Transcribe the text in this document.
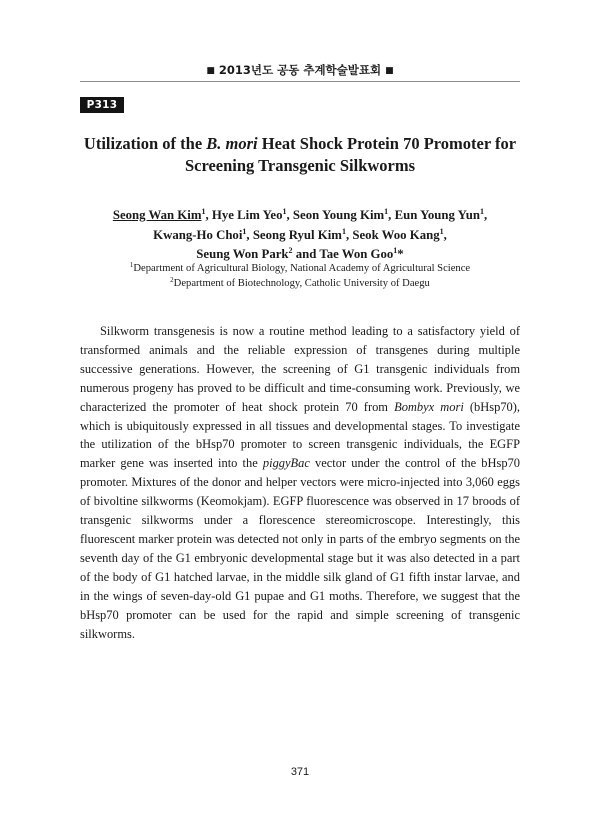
■ 2013년도 공동 추계학술발표회 ■
P313
Utilization of the B. mori Heat Shock Protein 70 Promoter for
Screening Transgenic Silkworms
Seong Wan Kim$^1$, Hye Lim Yeo$^1$, Seon Young Kim$^1$, Eun Young Yun$^1$,
Kwang-Ho Choi$^1$, Seong Ryul Kim$^1$, Seok Woo Kang$^1$,
Seung Won Park$^2$ and Tae Won Goo$^1$*
$^1$Department of Agricultural Biology, National Academy of Agricultural Science
$^2$Department of Biotechnology, Catholic University of Daegu

Silkworm transgenesis is now a routine method leading to a satisfactory yield of transformed animals and the reliable expression of transgenes during multiple successive generations. However, the screening of G1 transgenic individuals from numerous progeny has proved to be difficult and time-consuming work. Previously, we characterized the promoter of heat shock protein 70 from Bombyx mori (bHsp70), which is ubiquitously expressed in all tissues and developmental stages. To investigate the utilization of the bHsp70 promoter to screen transgenic individuals, the EGFP marker gene was inserted into the piggyBac vector under the control of the bHsp70 promoter. Mixtures of the donor and helper vectors were micro-injected into 3,060 eggs of bivoltine silkworms (Keomokjam). EGFP fluorescence was observed in 17 broods of transgenic silkworms under a florescence stereomicroscope. Interestingly, this fluorescent marker protein was detected not only in parts of the embryo segments on the seventh day of the G1 embryonic developmental stage but it was also detected in a part of the body of G1 hatched larvae, in the middle silk gland of G1 fifth instar larvae, and in the wings of seven-day-old G1 pupae and G1 moths. Therefore, we suggest that the bHsp70 promoter can be used for the rapid and simple screening of transgenic silkworms.

371
